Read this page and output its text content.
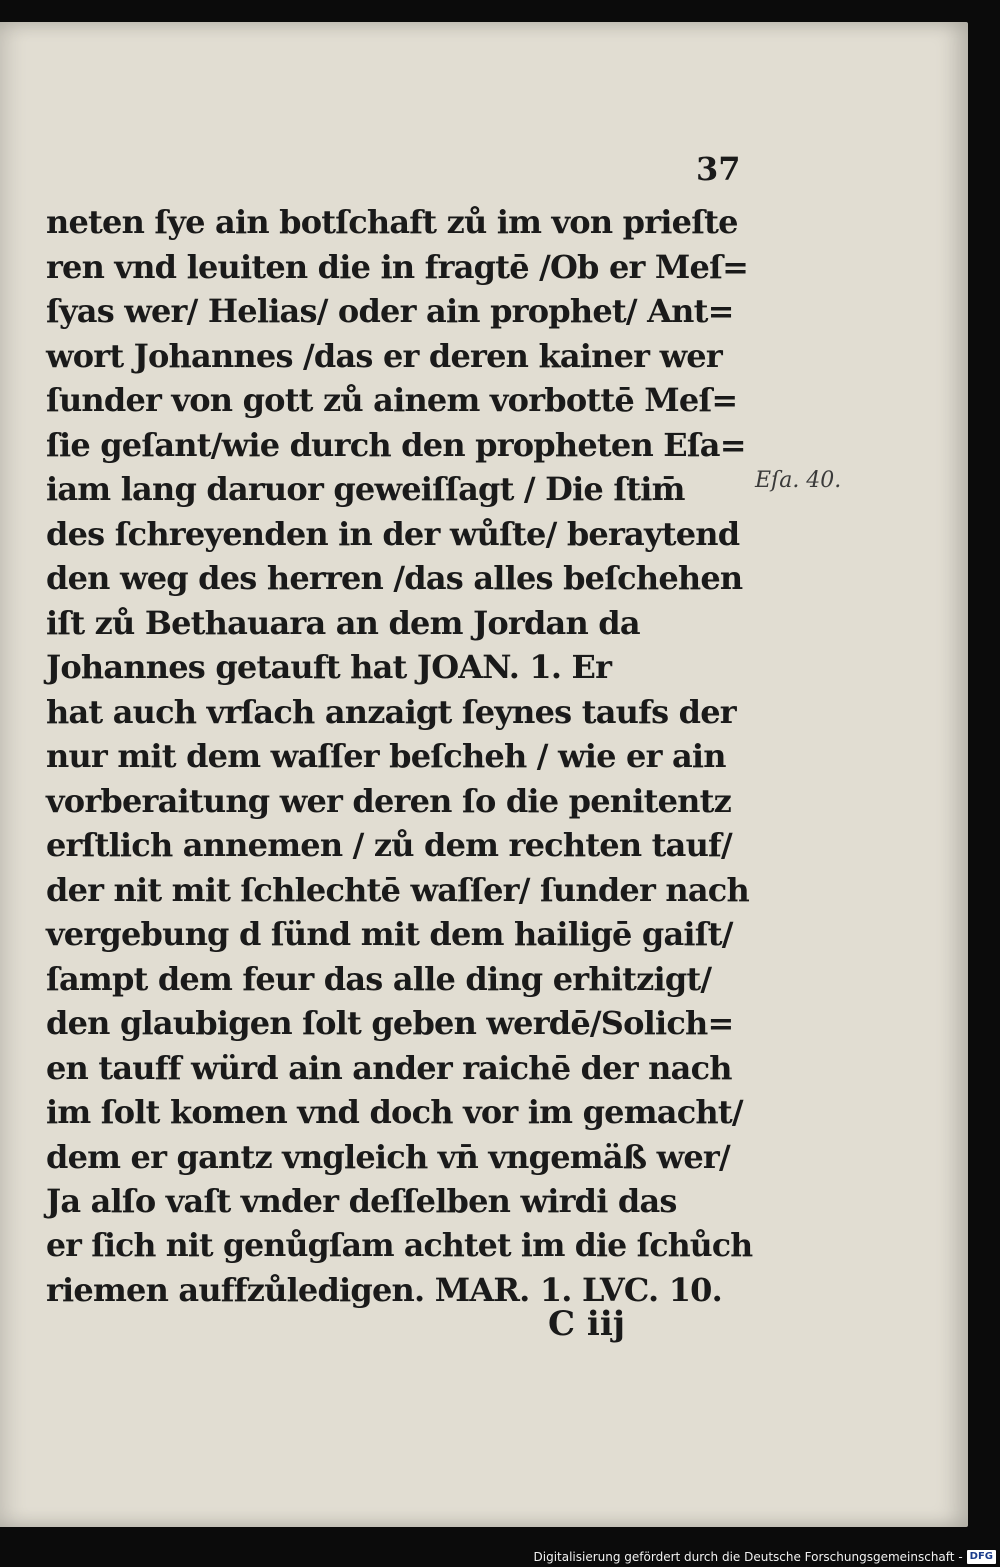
37
neten ſye ain botſchaft zů im von prieſte
ren vnd leuiten die in fragtē /Ob er Meſ=
ſyas wer/ Helias/ oder ain prophet/ Ant=
wort Johannes /das er deren kainer wer
ſunder von gott zů ainem vorbottē Meſ=
ſie geſant/wie durch den propheten Eſa=
iam lang daruor geweiſſagt / Die ſtim̄
des ſchreyenden in der wůſte/ beraytend
den weg des herren /das alles beſchehen
iſt zů Bethauara an dem Jordan da
Johannes getauft hat JOAN. 1. Er
hat auch vrſach anzaigt ſeynes taufs der
nur mit dem waſſer beſcheh / wie er ain
vorberaitung wer deren ſo die penitentz
erſtlich annemen / zů dem rechten tauf/
der nit mit ſchlechtē waſſer/ ſunder nach
vergebung d ſünd mit dem hailigē gaiſt/
ſampt dem feur das alle ding erhitzigt/
den glaubigen ſolt geben werdē/Solich=
en tauff würd ain ander raichē der nach
im ſolt komen vnd doch vor im gemacht/
dem er gantz vngleich vn̄ vngemäß wer/
Ja alſo vaſt vnder deſſelben wirdi das
er ſich nit genůgſam achtet im die ſchůch
riemen auffzůledigen. MAR. 1. LVC. 10.
Eſa. 40.
C iij
Digitalisierung gefördert durch die Deutsche Forschungsgemeinschaft - DFG
